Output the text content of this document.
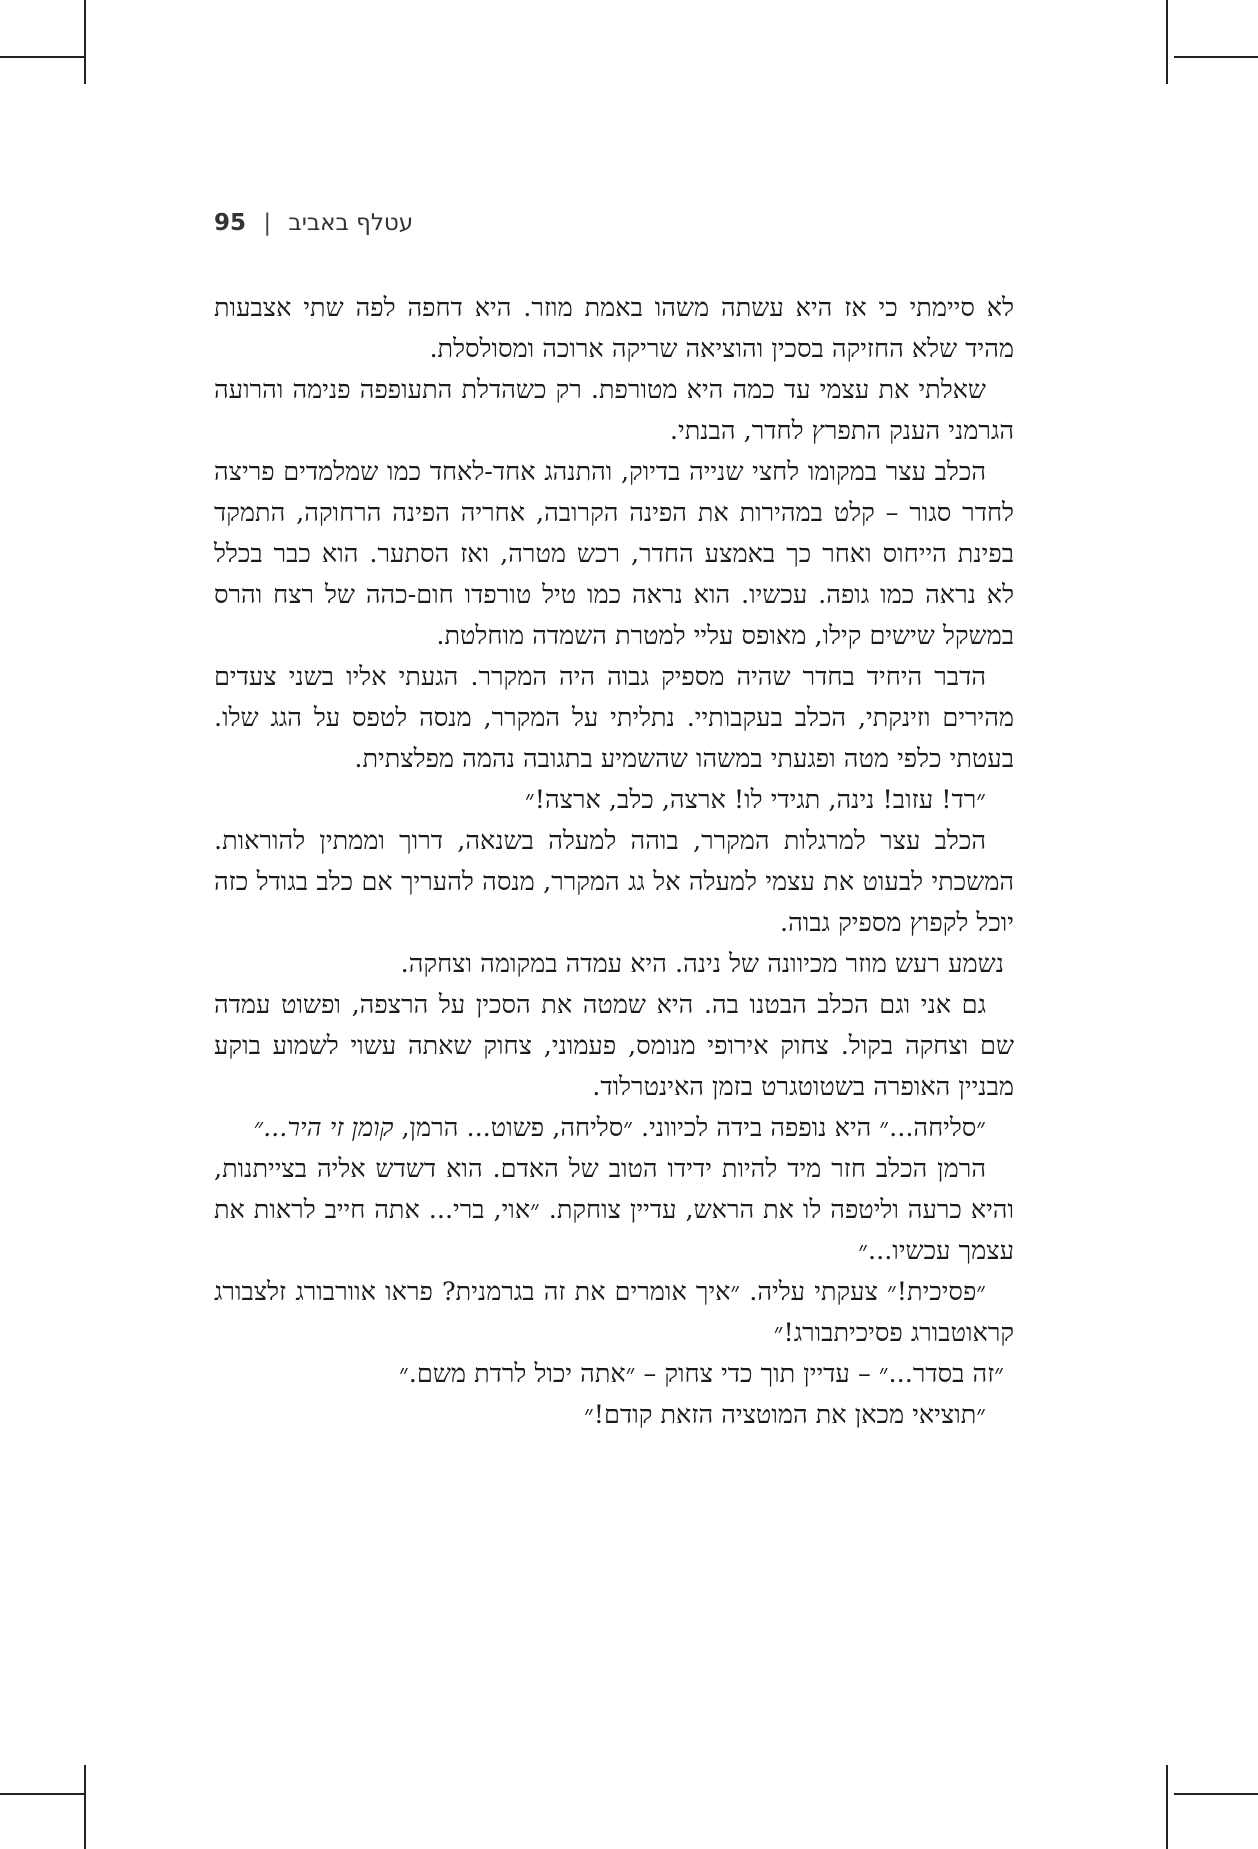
עטלף באביב | 95

לא סיימתי כי אז היא עשתה משהו באמת מוזר. היא דחפה לפה שתי אצבעות מהיד שלא החזיקה בסכין והוציאה שריקה ארוכה ומסולסלת.

שאלתי את עצמי עד כמה היא מטורפת. רק כשהדלת התעופפה פנימה והרועה הגרמני הענק התפרץ לחדר, הבנתי.

הכלב עצר במקומו לחצי שנייה בדיוק, והתנהג אחד-לאחד כמו שמלמדים פריצה לחדר סגור – קלט במהירות את הפינה הקרובה, אחריה הפינה הרחוקה, התמקד בפינת הייחוס ואחר כך באמצע החדר, רכש מטרה, ואז הסתער. הוא כבר בכלל לא נראה כמו גופה. עכשיו. הוא נראה כמו טיל טורפדו חום-כהה של רצח והרס במשקל שישים קילו, מאופס עליי למטרת השמדה מוחלטת.

הדבר היחיד בחדר שהיה מספיק גבוה היה המקרר. הגעתי אליו בשני צעדים מהירים וזינקתי, הכלב בעקבותיי. נתליתי על המקרר, מנסה לטפס על הגג שלו. בעטתי כלפי מטה ופגעתי במשהו שהשמיע בתגובה נהמה מפלצתית.

״רד! עזוב! נינה, תגידי לו! ארצה, כלב, ארצה!״

הכלב עצר למרגלות המקרר, בוהה למעלה בשנאה, דרוך וממתין להוראות. המשכתי לבעוט את עצמי למעלה אל גג המקרר, מנסה להעריך אם כלב בגודל כזה יוכל לקפוץ מספיק גבוה.

נשמע רעש מוזר מכיוונה של נינה. היא עמדה במקומה וצחקה.

גם אני וגם הכלב הבטנו בה. היא שמטה את הסכין על הרצפה, ופשוט עמדה שם וצחקה בקול. צחוק אירופי מנומס, פעמוני, צחוק שאתה עשוי לשמוע בוקע מבניין האופרה בשטוטגרט בזמן האינטרלוד.

״סליחה...״ היא נופפה בידה לכיווני. ״סליחה, פשוט... הרמן, קומן זי היר...״

הרמן הכלב חזר מיד להיות ידידו הטוב של האדם. הוא דשדש אליה בצייתנות, והיא כרעה וליטפה לו את הראש, עדיין צוחקת. ״אוי, ברי... אתה חייב לראות את עצמך עכשיו...״

״פסיכית!״ צעקתי עליה. ״איך אומרים את זה בגרמנית? פראו אוורבורג זלצבורג קראוטבורג פסיכיתבורג!״

״זה בסדר...״ – עדיין תוך כדי צחוק – ״אתה יכול לרדת משם.״

״תוציאי מכאן את המוטציה הזאת קודם!״
